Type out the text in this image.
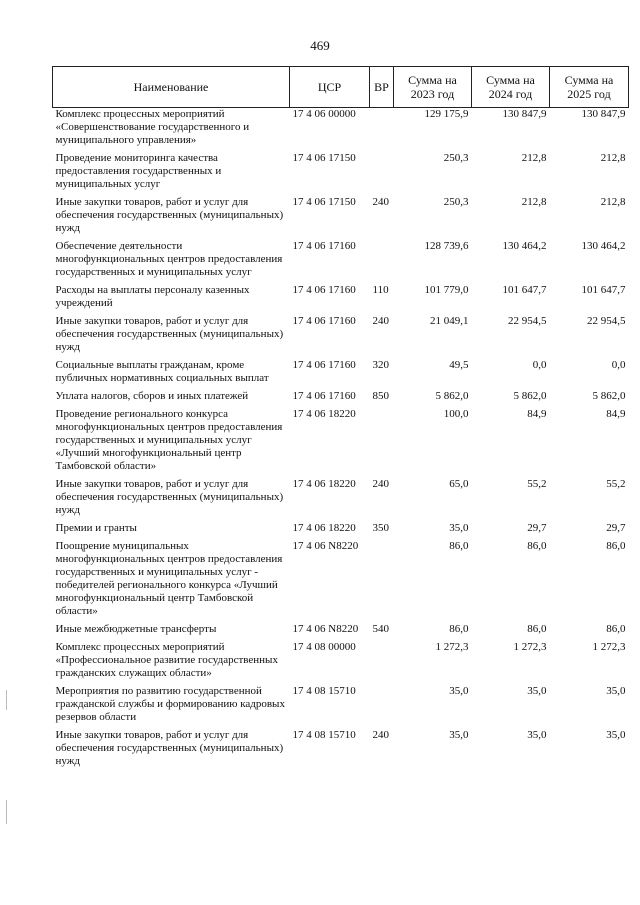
469
Наименование	ЦСР	ВР	Сумма на 2023 год	Сумма на 2024 год	Сумма на 2025 год
Комплекс процессных мероприятий «Совершенствование государственного и муниципального управления»	17 4 06 00000		129 175,9	130 847,9	130 847,9
Проведение мониторинга качества предоставления государственных и муниципальных услуг	17 4 06 17150		250,3	212,8	212,8
Иные закупки товаров, работ и услуг для обеспечения государственных (муниципальных) нужд	17 4 06 17150	240	250,3	212,8	212,8
Обеспечение деятельности многофункциональных центров предоставления государственных и муниципальных услуг	17 4 06 17160		128 739,6	130 464,2	130 464,2
Расходы на выплаты персоналу казенных учреждений	17 4 06 17160	110	101 779,0	101 647,7	101 647,7
Иные закупки товаров, работ и услуг для обеспечения государственных (муниципальных) нужд	17 4 06 17160	240	21 049,1	22 954,5	22 954,5
Социальные выплаты гражданам, кроме публичных нормативных социальных выплат	17 4 06 17160	320	49,5	0,0	0,0
Уплата налогов, сборов и иных платежей	17 4 06 17160	850	5 862,0	5 862,0	5 862,0
Проведение регионального конкурса многофункциональных центров предоставления государственных и муниципальных услуг «Лучший многофункциональный центр Тамбовской области»	17 4 06 18220		100,0	84,9	84,9
Иные закупки товаров, работ и услуг для обеспечения государственных (муниципальных) нужд	17 4 06 18220	240	65,0	55,2	55,2
Премии и гранты	17 4 06 18220	350	35,0	29,7	29,7
Поощрение муниципальных многофункциональных центров предоставления государственных и муниципальных услуг - победителей регионального конкурса «Лучший многофункциональный центр Тамбовской области»	17 4 06 N8220		86,0	86,0	86,0
Иные межбюджетные трансферты	17 4 06 N8220	540	86,0	86,0	86,0
Комплекс процессных мероприятий «Профессиональное развитие государственных гражданских служащих области»	17 4 08 00000		1 272,3	1 272,3	1 272,3
Мероприятия по развитию государственной гражданской службы и формированию кадровых резервов области	17 4 08 15710		35,0	35,0	35,0
Иные закупки товаров, работ и услуг для обеспечения государственных (муниципальных) нужд	17 4 08 15710	240	35,0	35,0	35,0
